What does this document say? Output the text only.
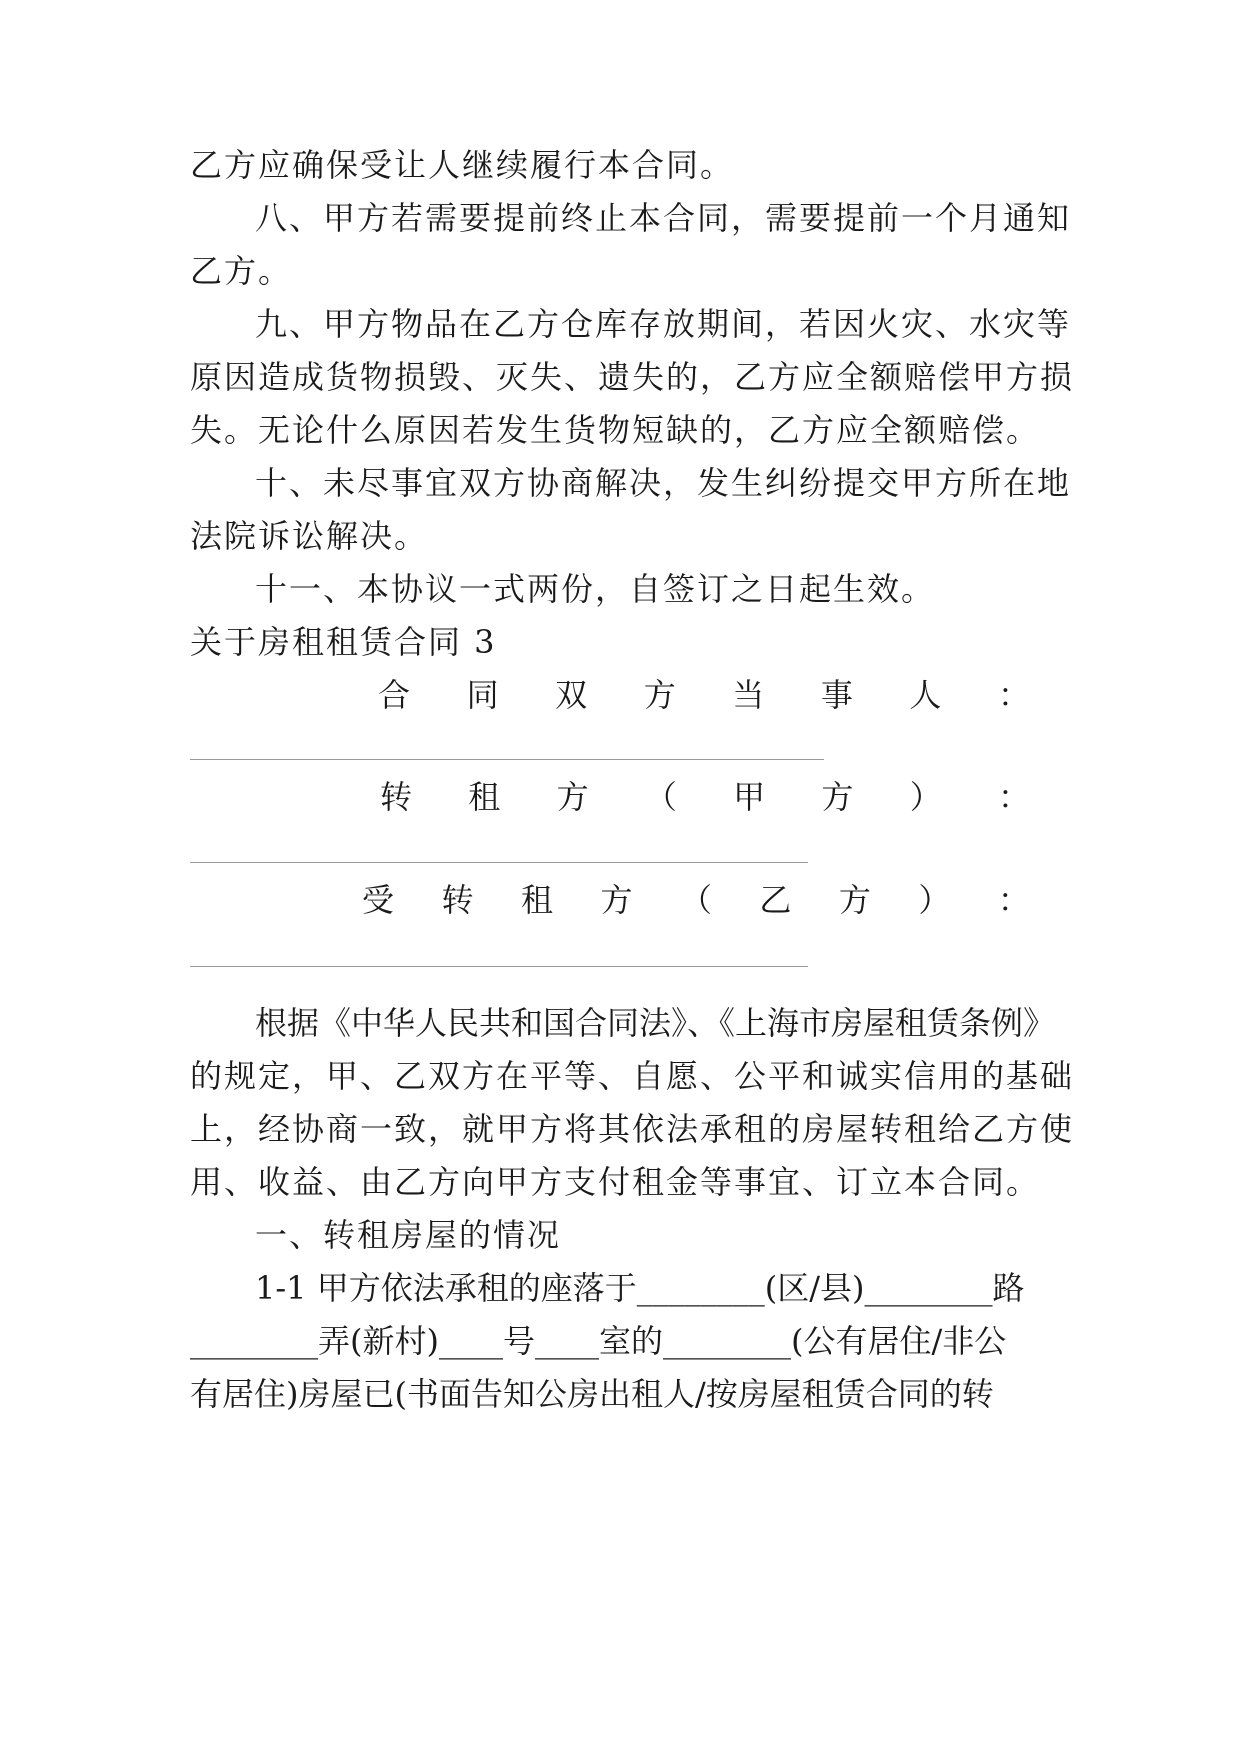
乙方应确保受让人继续履行本合同。
八、甲方若需要提前终止本合同，需要提前一个月通知
乙方。
九、甲方物品在乙方仓库存放期间，若因火灾、水灾等
原因造成货物损毁、灭失、遗失的，乙方应全额赔偿甲方损
失。无论什么原因若发生货物短缺的，乙方应全额赔偿。
十、未尽事宜双方协商解决，发生纠纷提交甲方所在地
法院诉讼解决。
十一、本协议一式两份，自签订之日起生效。
关于房租租赁合同 3
合 同 双 方 当 事 人 ：
转 租 方 （ 甲 方 ） ：
受 转 租 方 （ 乙 方 ） ：
根据《中华人民共和国合同法》、《上海市房屋租赁条例》
的规定，甲、乙双方在平等、自愿、公平和诚实信用的基础
上，经协商一致，就甲方将其依法承租的房屋转租给乙方使
用、收益、由乙方向甲方支付租金等事宜、订立本合同。
一、转租房屋的情况
1-1 甲方依法承租的座落于________(区/县)________路
________弄(新村)____号____室的________(公有居住/非公
有居住)房屋已(书面告知公房出租人/按房屋租赁合同的转
